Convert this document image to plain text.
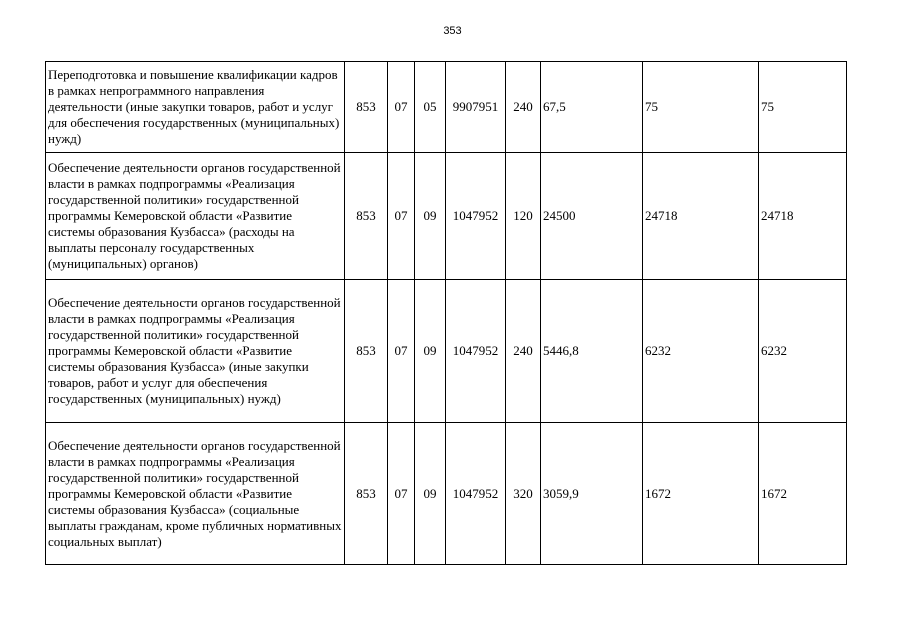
353
Переподготовка и повышение квалификации кадров в рамках непрограммного направления деятельности (иные закупки товаров, работ и услуг для обеспечения государственных (муниципальных) нужд)	853	07	05	9907951	240	67,5	75	75
Обеспечение деятельности органов государственной власти в рамках подпрограммы «Реализация государственной политики» государственной программы Кемеровской области «Развитие системы образования Кузбасса» (расходы на выплаты персоналу государственных (муниципальных) органов)	853	07	09	1047952	120	24500	24718	24718
Обеспечение деятельности органов государственной власти в рамках подпрограммы «Реализация государственной политики» государственной программы Кемеровской области «Развитие системы образования Кузбасса» (иные закупки товаров, работ и услуг для обеспечения государственных (муниципальных) нужд)	853	07	09	1047952	240	5446,8	6232	6232
Обеспечение деятельности органов государственной власти в рамках подпрограммы «Реализация государственной политики» государственной программы Кемеровской области «Развитие системы образования Кузбасса» (социальные выплаты гражданам, кроме публичных нормативных социальных выплат)	853	07	09	1047952	320	3059,9	1672	1672
